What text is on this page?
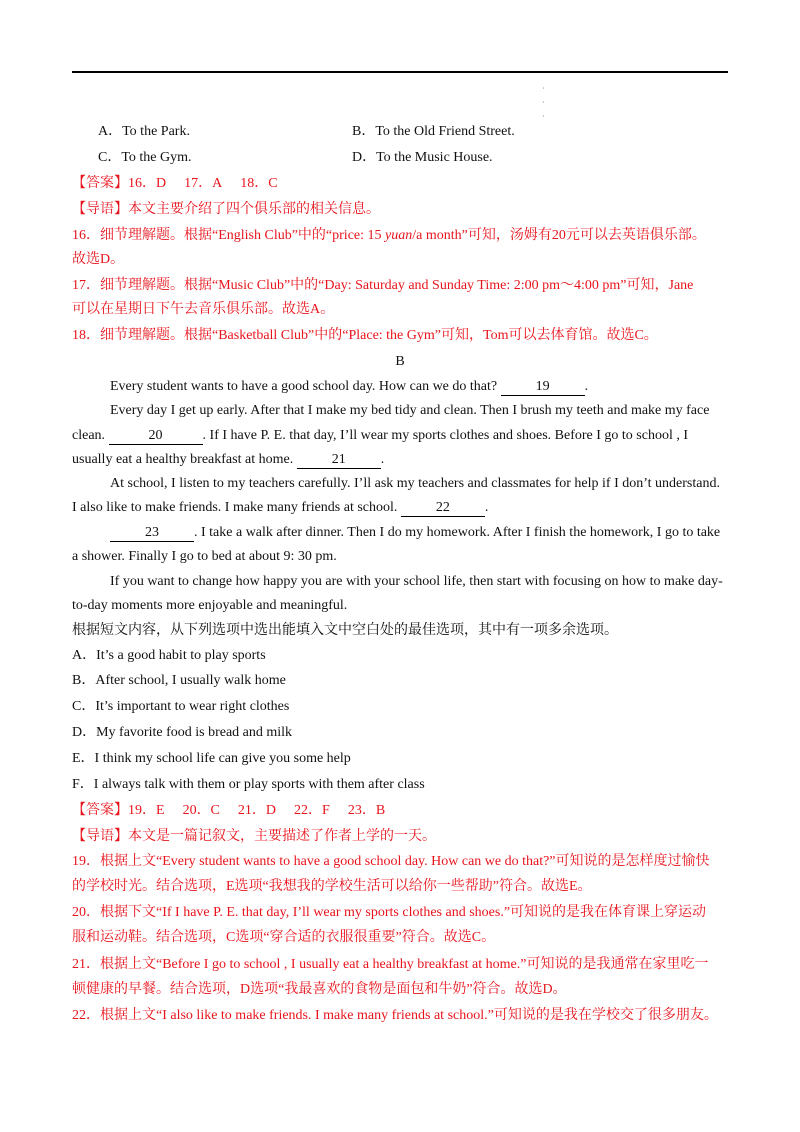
·
·
·
A．To the Park.	B．To the Old Friend Street.
C．To the Gym.	D．To the Music House.
【答案】16．D 17．A 18．C
【导语】本文主要介绍了四个俱乐部的相关信息。
16．细节理解题。根据“English Club”中的“price: 15 yuan/a month”可知，汤姆有20元可以去英语俱乐部。
故选D。
17．细节理解题。根据“Music Club”中的“Day: Saturday and Sunday Time: 2:00 pm～4:00 pm”可知，Jane
可以在星期日下午去音乐俱乐部。故选A。
18．细节理解题。根据“Basketball Club”中的“Place: the Gym”可知，Tom可以去体育馆。故选C。
B
Every student wants to have a good school day. How can we do that?	19	.
Every day I get up early. After that I make my bed tidy and clean. Then I brush my teeth and make my face
clean.	20	. If I have P. E. that day, I’ll wear my sports clothes and shoes. Before I go to school , I
usually eat a healthy breakfast at home.	21	.
At school, I listen to my teachers carefully. I’ll ask my teachers and classmates for help if I don’t understand.
I also like to make friends. I make many friends at school.	22	.
23	. I take a walk after dinner. Then I do my homework. After I finish the homework, I go to take
a shower. Finally I go to bed at about 9: 30 pm.
If you want to change how happy you are with your school life, then start with focusing on how to make day-
to-day moments more enjoyable and meaningful.
根据短文内容，从下列选项中选出能填入文中空白处的最佳选项，其中有一项多余选项。
A．It’s a good habit to play sports
B．After school, I usually walk home
C．It’s important to wear right clothes
D．My favorite food is bread and milk
E．I think my school life can give you some help
F．I always talk with them or play sports with them after class
【答案】19．E 20．C 21．D 22．F 23．B
【导语】本文是一篇记叙文，主要描述了作者上学的一天。
19．根据上文“Every student wants to have a good school day. How can we do that?”可知说的是怎样度过愉快
的学校时光。结合选项，E选项“我想我的学校生活可以给你一些帮助”符合。故选E。
20．根据下文“If I have P. E. that day, I’ll wear my sports clothes and shoes.”可知说的是我在体育课上穿运动
服和运动鞋。结合选项，C选项“穿合适的衣服很重要”符合。故选C。
21．根据上文“Before I go to school , I usually eat a healthy breakfast at home.”可知说的是我通常在家里吃一
顿健康的早餐。结合选项，D选项“我最喜欢的食物是面包和牛奶”符合。故选D。
22．根据上文“I also like to make friends. I make many friends at school.”可知说的是我在学校交了很多朋友。
